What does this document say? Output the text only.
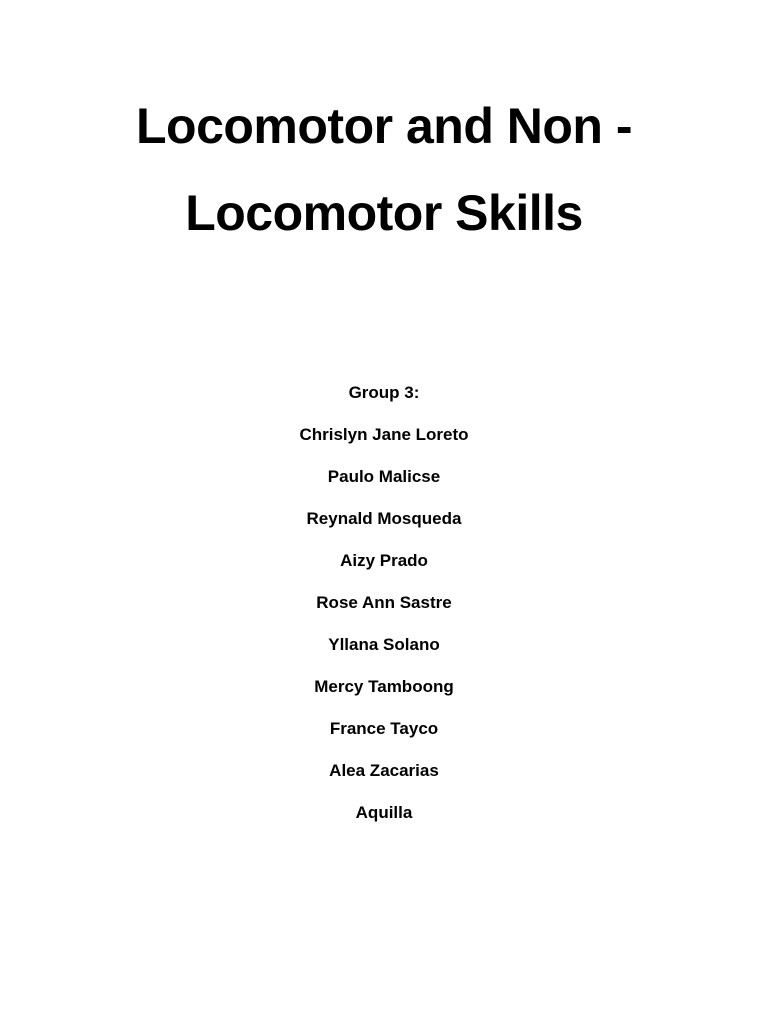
Locomotor and Non -
Locomotor Skills
Group 3:
Chrislyn Jane Loreto
Paulo Malicse
Reynald Mosqueda
Aizy Prado
Rose Ann Sastre
Yllana Solano
Mercy Tamboong
France Tayco
Alea Zacarias
Aquilla
